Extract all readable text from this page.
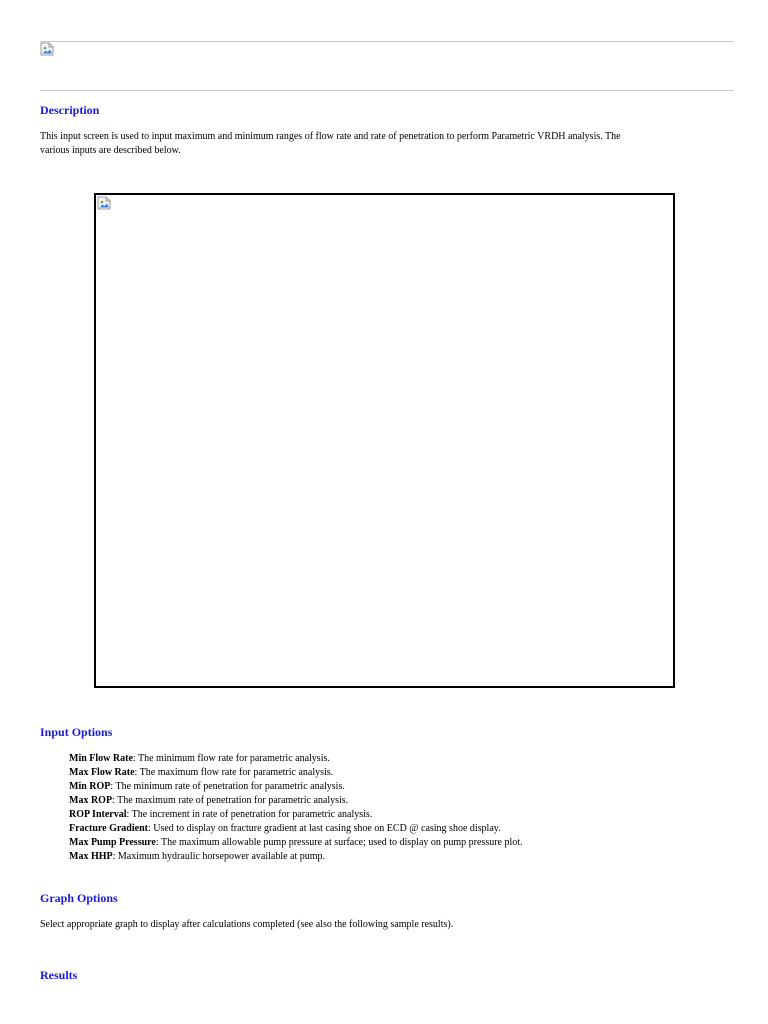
Description

This input screen is used to input maximum and minimum ranges of flow rate and rate of penetration to perform Parametric VRDH analysis. The
various inputs are described below.

Input Options
Min Flow Rate: The minimum flow rate for parametric analysis.
Max Flow Rate: The maximum flow rate for parametric analysis.
Min ROP: The minimum rate of penetration for parametric analysis.
Max ROP: The maximum rate of penetration for parametric analysis.
ROP Interval: The increment in rate of penetration for parametric analysis.
Fracture Gradient: Used to display on fracture gradient at last casing shoe on ECD @ casing shoe display.
Max Pump Pressure: The maximum allowable pump pressure at surface; used to display on pump pressure plot.
Max HHP: Maximum hydraulic horsepower available at pump.
Graph Options

Select appropriate graph to display after calculations completed (see also the following sample results).

Results
